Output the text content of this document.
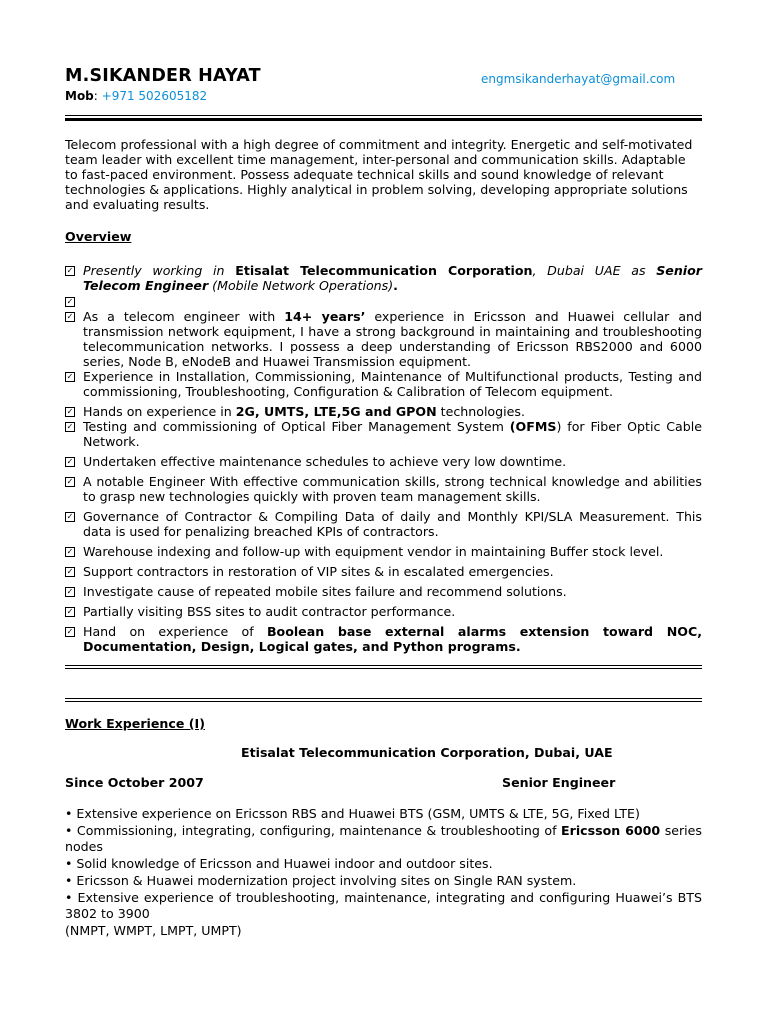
M.SIKANDER HAYAT	engmsikanderhayat@gmail.com
Mob: +971 502605182
Telecom professional with a high degree of commitment and integrity. Energetic and self-motivated team leader with excellent time management, inter-personal and communication skills. Adaptable to fast-paced environment. Possess adequate technical skills and sound knowledge of relevant technologies & applications. Highly analytical in problem solving, developing appropriate solutions and evaluating results.
Overview
✓ Presently working in Etisalat Telecommunication Corporation, Dubai UAE as Senior Telecom Engineer (Mobile Network Operations).
✓
✓ As a telecom engineer with 14+ years’ experience in Ericsson and Huawei cellular and transmission network equipment, I have a strong background in maintaining and troubleshooting telecommunication networks. I possess a deep understanding of Ericsson RBS2000 and 6000 series, Node B, eNodeB and Huawei Transmission equipment.
✓ Experience in Installation, Commissioning, Maintenance of Multifunctional products, Testing and commissioning, Troubleshooting, Configuration & Calibration of Telecom equipment.
✓ Hands on experience in 2G, UMTS, LTE,5G and GPON technologies.
✓ Testing and commissioning of Optical Fiber Management System (OFMS) for Fiber Optic Cable Network.
✓ Undertaken effective maintenance schedules to achieve very low downtime.
✓ A notable Engineer With effective communication skills, strong technical knowledge and abilities to grasp new technologies quickly with proven team management skills.
✓ Governance of Contractor & Compiling Data of daily and Monthly KPI/SLA Measurement. This data is used for penalizing breached KPIs of contractors.
✓ Warehouse indexing and follow-up with equipment vendor in maintaining Buffer stock level.
✓ Support contractors in restoration of VIP sites & in escalated emergencies.
✓ Investigate cause of repeated mobile sites failure and recommend solutions.
✓ Partially visiting BSS sites to audit contractor performance.
✓ Hand on experience of Boolean base external alarms extension toward NOC, Documentation, Design, Logical gates, and Python programs.
Work Experience (I)
Etisalat Telecommunication Corporation, Dubai, UAE
Since October 2007	Senior Engineer
• Extensive experience on Ericsson RBS and Huawei BTS (GSM, UMTS & LTE, 5G, Fixed LTE)
• Commissioning, integrating, configuring, maintenance & troubleshooting of Ericsson 6000 series nodes
• Solid knowledge of Ericsson and Huawei indoor and outdoor sites.
• Ericsson & Huawei modernization project involving sites on Single RAN system.
• Extensive experience of troubleshooting, maintenance, integrating and configuring Huawei’s BTS 3802 to 3900
(NMPT, WMPT, LMPT, UMPT)
